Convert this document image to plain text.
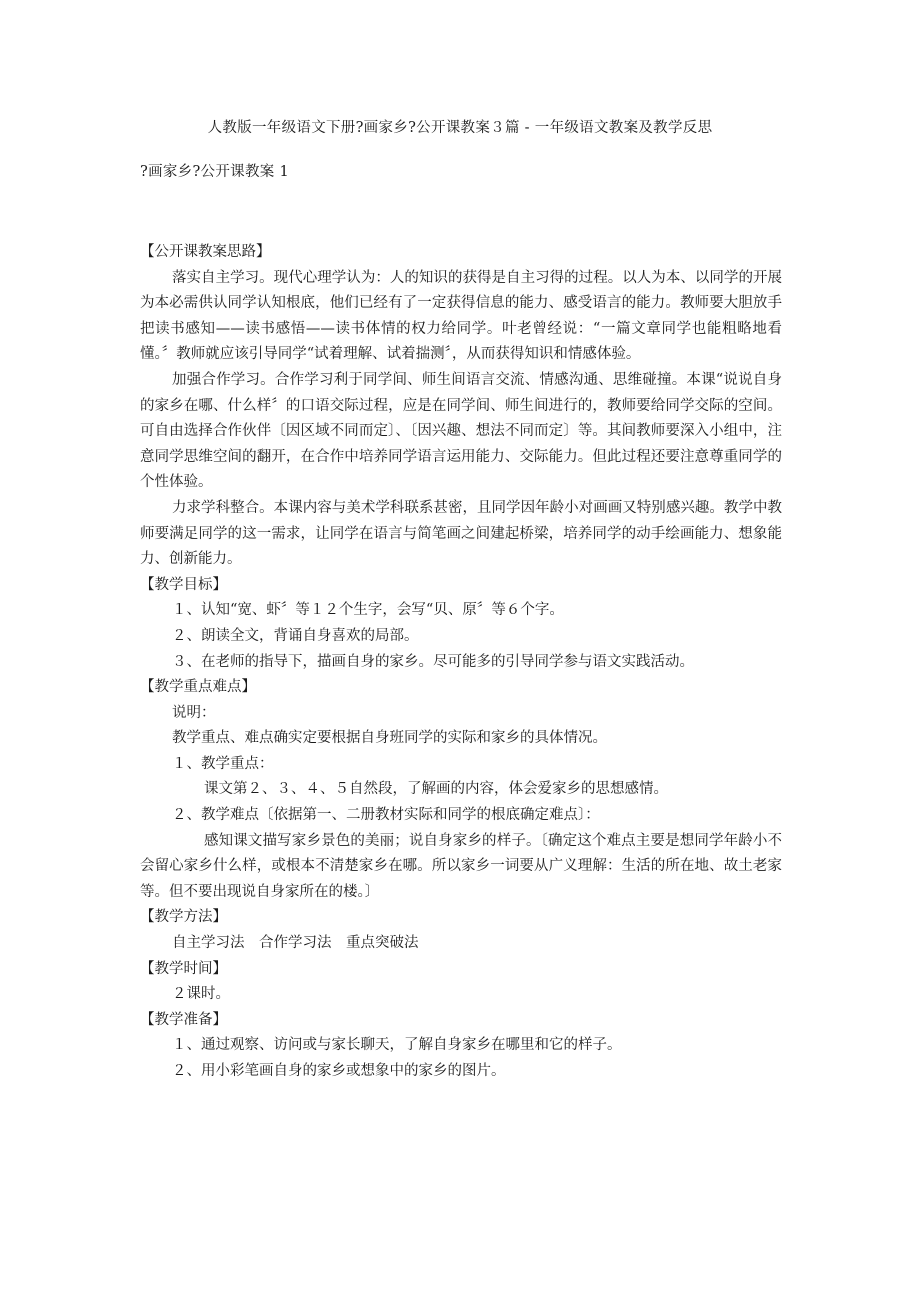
人教版一年级语文下册?画家乡?公开课教案３篇 - 一年级语文教案及教学反思
?画家乡?公开课教案 1

【公开课教案思路】

落实自主学习。现代心理学认为：人的知识的获得是自主习得的过程。以人为本、以同学的开展为本必需供认同学认知根底，他们已经有了一定获得信息的能力、感受语言的能力。教师要大胆放手把读书感知——读书感悟——读书体情的权力给同学。叶老曾经说：“一篇文章同学也能粗略地看懂。〞教师就应该引导同学“试着理解、试着揣测〞，从而获得知识和情感体验。

加强合作学习。合作学习利于同学间、师生间语言交流、情感沟通、思维碰撞。本课“说说自身的家乡在哪、什么样〞的口语交际过程，应是在同学间、师生间进行的，教师要给同学交际的空间。可自由选择合作伙伴〔因区域不同而定〕、〔因兴趣、想法不同而定〕等。其间教师要深入小组中，注意同学思维空间的翻开，在合作中培养同学语言运用能力、交际能力。但此过程还要注意尊重同学的个性体验。

力求学科整合。本课内容与美术学科联系甚密，且同学因年龄小对画画又特别感兴趣。教学中教师要满足同学的这一需求，让同学在语言与简笔画之间建起桥梁，培养同学的动手绘画能力、想象能力、创新能力。

【教学目标】

１、认知“宽、虾〞等１２个生字，会写“贝、原〞等６个字。

２、朗读全文，背诵自身喜欢的局部。

３、在老师的指导下，描画自身的家乡。尽可能多的引导同学参与语文实践活动。

【教学重点难点】

说明：

教学重点、难点确实定要根据自身班同学的实际和家乡的具体情况。

１、教学重点：

课文第２、３、４、５自然段，了解画的内容，体会爱家乡的思想感情。

２、教学难点〔依据第一、二册教材实际和同学的根底确定难点〕：

感知课文描写家乡景色的美丽；说自身家乡的样子。〔确定这个难点主要是想同学年龄小不会留心家乡什么样，或根本不清楚家乡在哪。所以家乡一词要从广义理解：生活的所在地、故土老家等。但不要出现说自身家所在的楼。〕

【教学方法】

自主学习法　合作学习法　重点突破法

【教学时间】

２课时。

【教学准备】

１、通过观察、访问或与家长聊天，了解自身家乡在哪里和它的样子。

２、用小彩笔画自身的家乡或想象中的家乡的图片。
